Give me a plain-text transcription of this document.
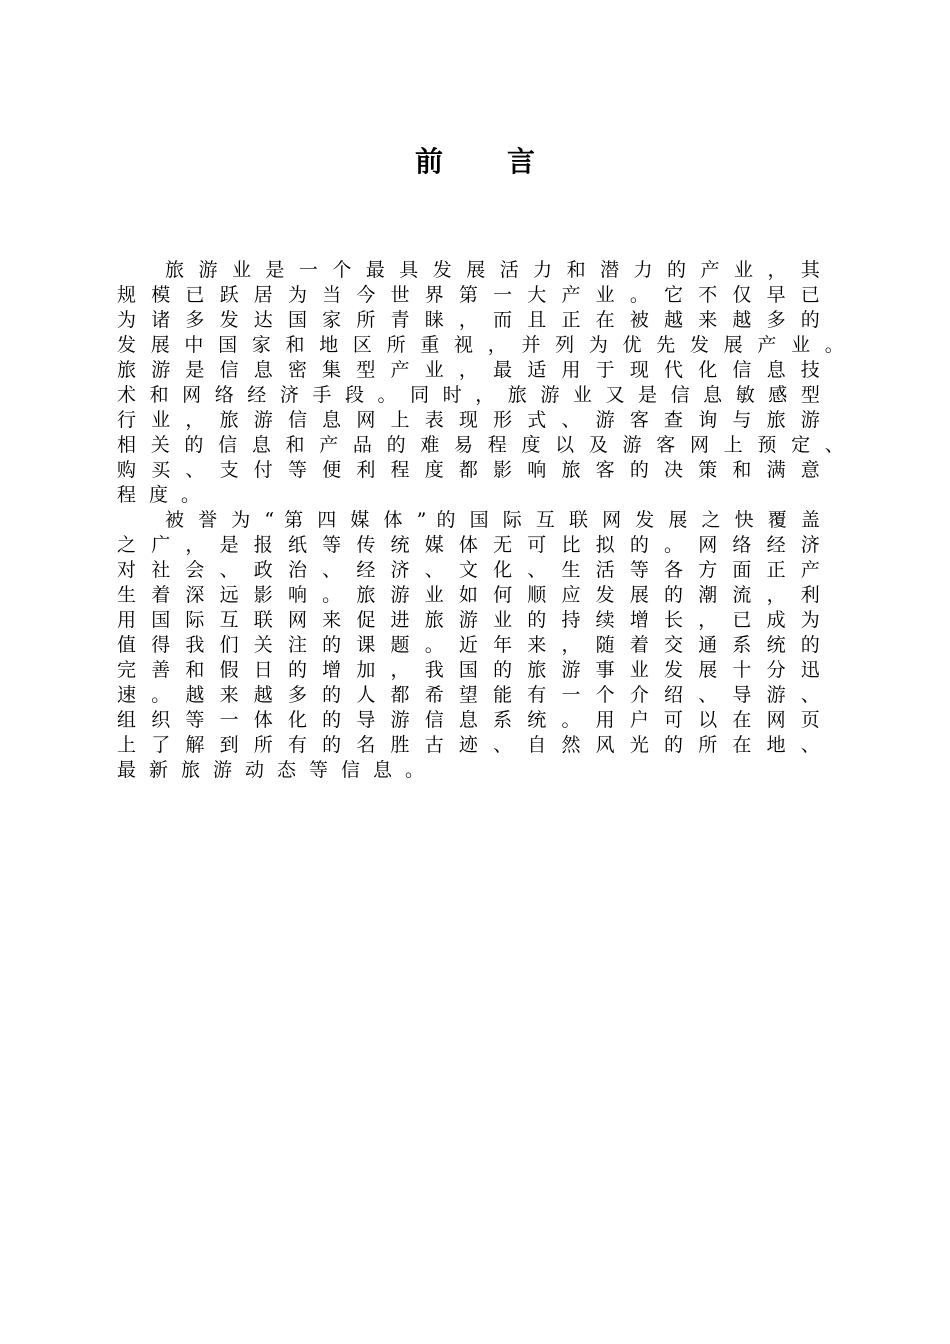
前言
旅 游 业 是 一 个 最 具 发 展 活 力 和 潜 力 的 产 业 ， 其
规 模 已 跃 居 为 当 今 世 界 第 一 大 产 业 。 它 不 仅 早 已
为 诸 多 发 达 国 家 所 青 睐 ， 而 且 正 在 被 越 来 越 多 的
发 展 中 国 家 和 地 区 所 重 视 ， 并 列 为 优 先 发 展 产 业 。
旅 游 是 信 息 密 集 型 产 业 ， 最 适 用 于 现 代 化 信 息 技
术 和 网 络 经 济 手 段 。 同 时 ， 旅 游 业 又 是 信 息 敏 感 型
行 业 ， 旅 游 信 息 网 上 表 现 形 式 、 游 客 查 询 与 旅 游
相 关 的 信 息 和 产 品 的 难 易 程 度 以 及 游 客 网 上 预 定 、
购 买 、 支 付 等 便 利 程 度 都 影 响 旅 客 的 决 策 和 满 意
程度。
被 誉 为 “ 第 四 媒 体 ” 的 国 际 互 联 网 发 展 之 快 覆 盖
之 广 ， 是 报 纸 等 传 统 媒 体 无 可 比 拟 的 。 网 络 经 济
对 社 会 、 政 治 、 经 济 、 文 化 、 生 活 等 各 方 面 正 产
生 着 深 远 影 响 。 旅 游 业 如 何 顺 应 发 展 的 潮 流 ， 利
用 国 际 互 联 网 来 促 进 旅 游 业 的 持 续 增 长 ， 已 成 为
值 得 我 们 关 注 的 课 题 。 近 年 来 ， 随 着 交 通 系 统 的
完 善 和 假 日 的 增 加 ， 我 国 的 旅 游 事 业 发 展 十 分 迅
速 。 越 来 越 多 的 人 都 希 望 能 有 一 个 介 绍 、 导 游 、
组 织 等 一 体 化 的 导 游 信 息 系 统 。 用 户 可 以 在 网 页
上 了 解 到 所 有 的 名 胜 古 迹 、 自 然 风 光 的 所 在 地 、
最新旅游动态等信息。
